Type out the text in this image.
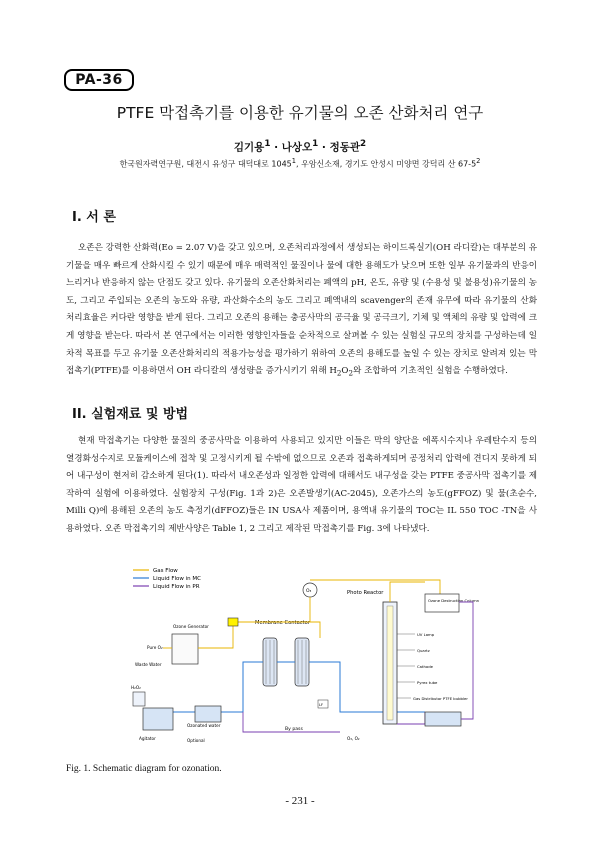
PA-36
PTFE 막접촉기를 이용한 유기물의 오존 산화처리 연구
김기용$^1$ · 나상오$^1$ · 정동관$^2$
한국원자력연구원, 대전시 유성구 대덕대로 1045$^1$, 우암신소재, 경기도 안성시 미양면 강덕리 산 $67-5^2$
I. 서 론
오존은 강력한 산화력(Eo = 2.07 V)을 갖고 있으며, 오존처리과정에서 생성되는 하이드록실기(OH 라디칼)는 대부분의 유기물을 매우 빠르게 산화시킬 수 있기 때문에 매우 매력적인 물질이나 물에 대한 용해도가 낮으며 또한 일부 유기물과의 반응이 느리거나 반응하지 않는 단점도 갖고 있다. 유기물의 오존산화처리는 폐액의 pH, 온도, 유량 및 (수용성 및 불용성)유기물의 농도, 그리고 주입되는 오존의 농도와 유량, 과산화수소의 농도 그리고 폐액내의 scavenger의 존재 유무에 따라 유기물의 산화처리효율은 커다란 영향을 받게 된다. 그리고 오존의 용해는 충공사막의 공극율 및 공극크기, 기체 및 액체의 유량 및 압력에 크게 영향을 받는다. 따라서 본 연구에서는 이러한 영향인자들을 순차적으로 살펴볼 수 있는 실험실 규모의 장치를 구성하는데 일차적 목표를 두고 유기물 오존산화처리의 적용가능성을 평가하기 위하여 오존의 용해도를 높일 수 있는 장치로 알려져 있는 막접촉기(PTFE)를 이용하면서 OH 라디칼의 생성량을 증가시키기 위해 $H_2O_2$와 조합하여 기초적인 실험을 수행하였다.
II. 실험재료 및 방법
현재 막접촉기는 다양한 물질의 중공사막을 이용하여 사용되고 있지만 이들은 막의 양단을 에폭시수지나 우레탄수지 등의 열경화성수지로 모듈케이스에 접착 및 고정시키게 될 수밖에 없으므로 오존과 접촉하게되며 공정처리 압력에 견디지 못하게 되어 내구성이 현저히 감소하게 된다(1). 따라서 내오존성과 일정한 압력에 대해서도 내구성을 갖는 PTFE 중공사막 접촉기를 제작하여 실험에 이용하였다. 실험장치 구성(Fig. 1과 2)은 오존발생기(AC-2045), 오존가스의 농도(gFFOZ) 및 물(초순수, Milli Q)에 용해된 오존의 농도 측정기(dFFOZ)들은 IN USA사 제품이며, 용액내 유기물의 TOC는 IL 550 TOC -TN을 사용하였다. 오존 막접촉기의 제반사양은 Table 1, 2 그리고 제작된 막접촉기를 Fig. 3에 나타냈다.
Gas Flow
Liquid Flow in MC
Liquid Flow in PR
Ozone Generator
Pure O₂
O₃
Membrane Contactor
LF
By pass
O₃, O₂
Waste Water
H₂O₂
Agitator
Ozonated water
Optional
Photo Reactor
UV Lamp
Quartz
Cathode
Pyrex tube
Gas Distributor PTFE bubbler
Ozone Destruction Column
Fig. 1. Schematic diagram for ozonation.
- 231 -
